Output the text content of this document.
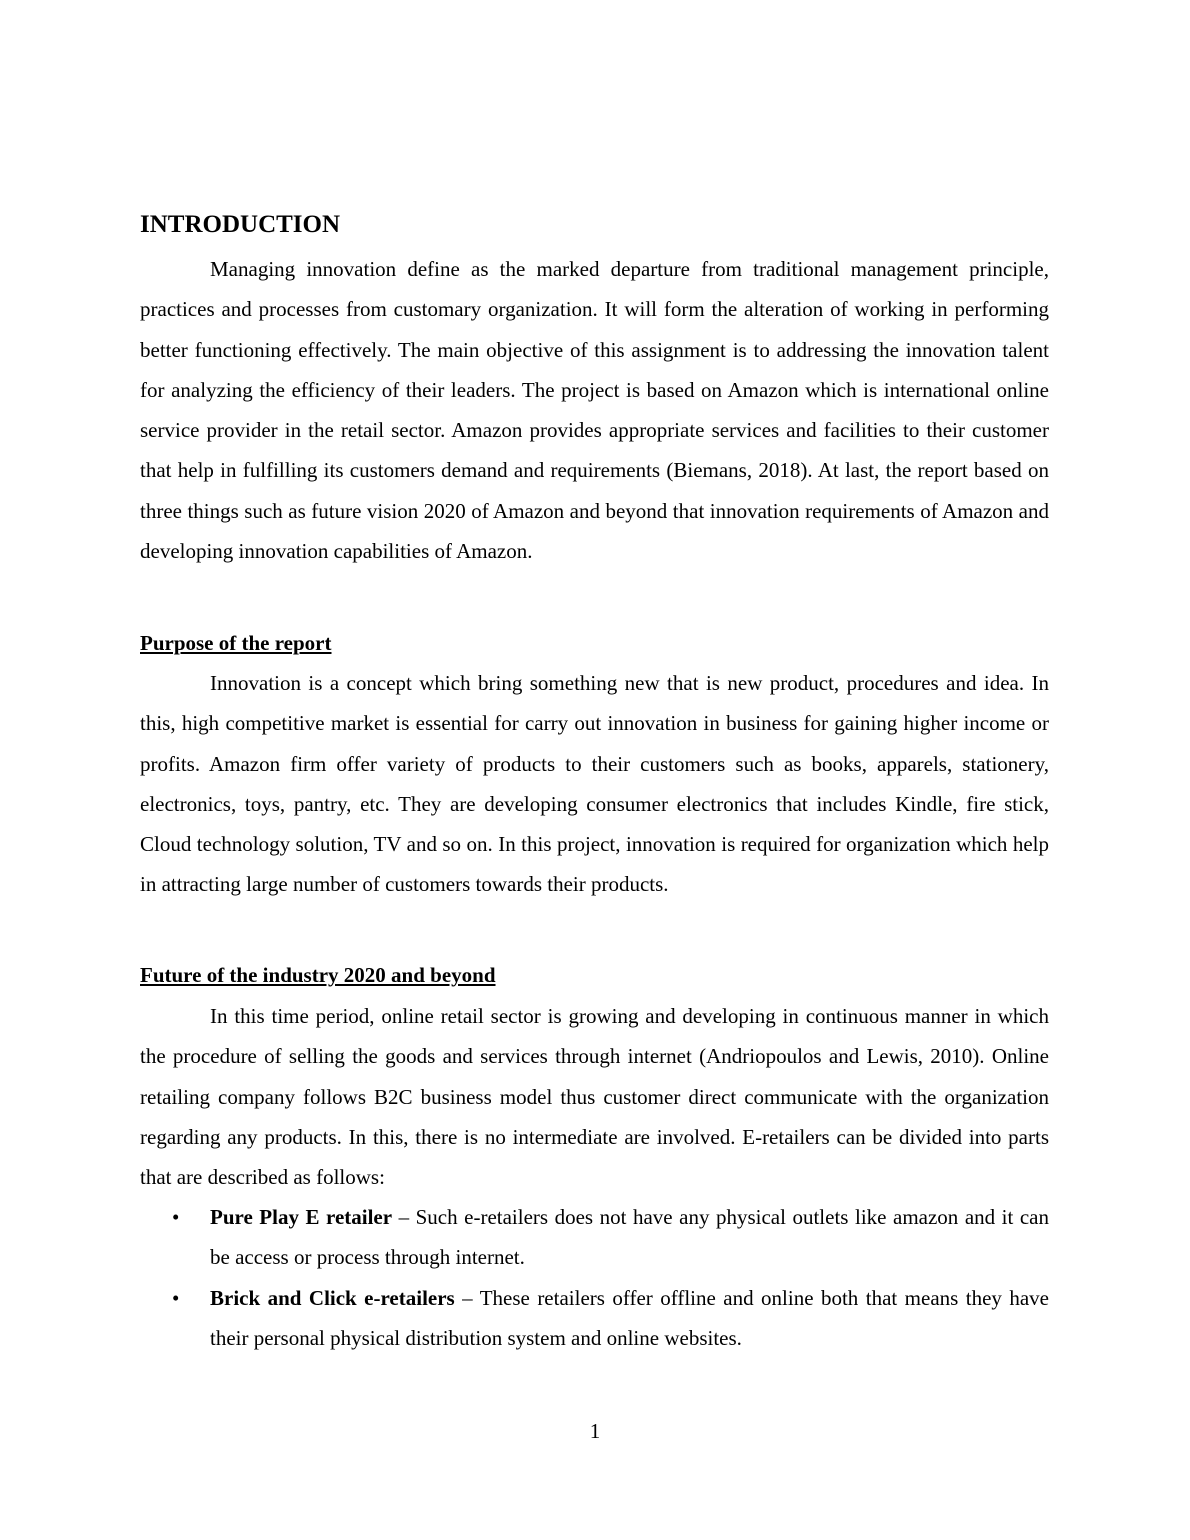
INTRODUCTION

Managing innovation define as the marked departure from traditional management principle, practices and processes from customary organization. It will form the alteration of working in performing better functioning effectively. The main objective of this assignment is to addressing the innovation talent for analyzing the efficiency of their leaders. The project is based on Amazon which is international online service provider in the retail sector. Amazon provides appropriate services and facilities to their customer that help in fulfilling its customers demand and requirements (Biemans, 2018). At last, the report based on three things such as future vision 2020 of Amazon and beyond that innovation requirements of Amazon and developing innovation capabilities of Amazon.

Purpose of the report

Innovation is a concept which bring something new that is new product, procedures and idea. In this, high competitive market is essential for carry out innovation in business for gaining higher income or profits. Amazon firm offer variety of products to their customers such as books, apparels, stationery, electronics, toys, pantry, etc. They are developing consumer electronics that includes Kindle, fire stick, Cloud technology solution, TV and so on. In this project, innovation is required for organization which help in attracting large number of customers towards their products.

Future of the industry 2020 and beyond

In this time period, online retail sector is growing and developing in continuous manner in which the procedure of selling the goods and services through internet (Andriopoulos and Lewis, 2010). Online retailing company follows B2C business model thus customer direct communicate with the organization regarding any products. In this, there is no intermediate are involved. E-retailers can be divided into parts that are described as follows:

• Pure Play E retailer – Such e-retailers does not have any physical outlets like amazon and it can be access or process through internet.
• Brick and Click e-retailers – These retailers offer offline and online both that means they have their personal physical distribution system and online websites.
1
